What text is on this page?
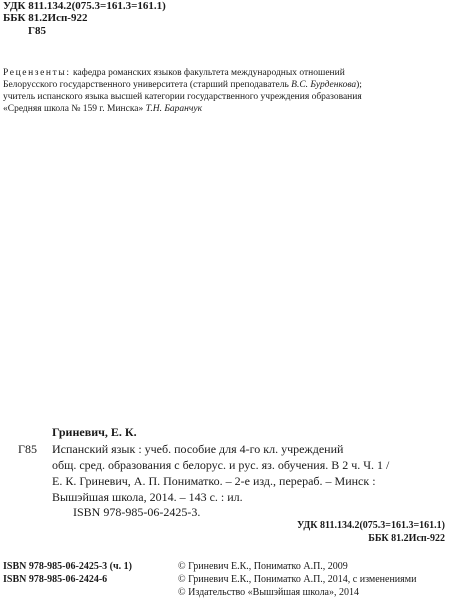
УДК 811.134.2(075.3=161.3=161.1)
ББК 81.2Исп-922
Г85
Рецензенты: кафедра романских языков факультета международных отношений
Белорусского государственного университета (старший преподаватель В.С. Бурденкова);
учитель испанского языка высшей категории государственного учреждения образования
«Средняя школа № 159 г. Минска» Т.Н. Баранчук
Гриневич, Е. К.
Г85 Испанский язык : учеб. пособие для 4-го кл. учреждений
общ. сред. образования с белорус. и рус. яз. обучения. В 2 ч. Ч. 1 /
Е. К. Гриневич, А. П. Пониматко. – 2-е изд., перераб. – Минск :
Вышэйшая школа, 2014. – 143 с. : ил.
ISBN 978-985-06-2425-3.
УДК 811.134.2(075.3=161.3=161.1)
ББК 81.2Исп-922
ISBN 978-985-06-2425-3 (ч. 1)
ISBN 978-985-06-2424-6
© Гриневич Е.К., Пониматко А.П., 2009
© Гриневич Е.К., Пониматко А.П., 2014, с изменениями
© Издательство «Вышэйшая школа», 2014
